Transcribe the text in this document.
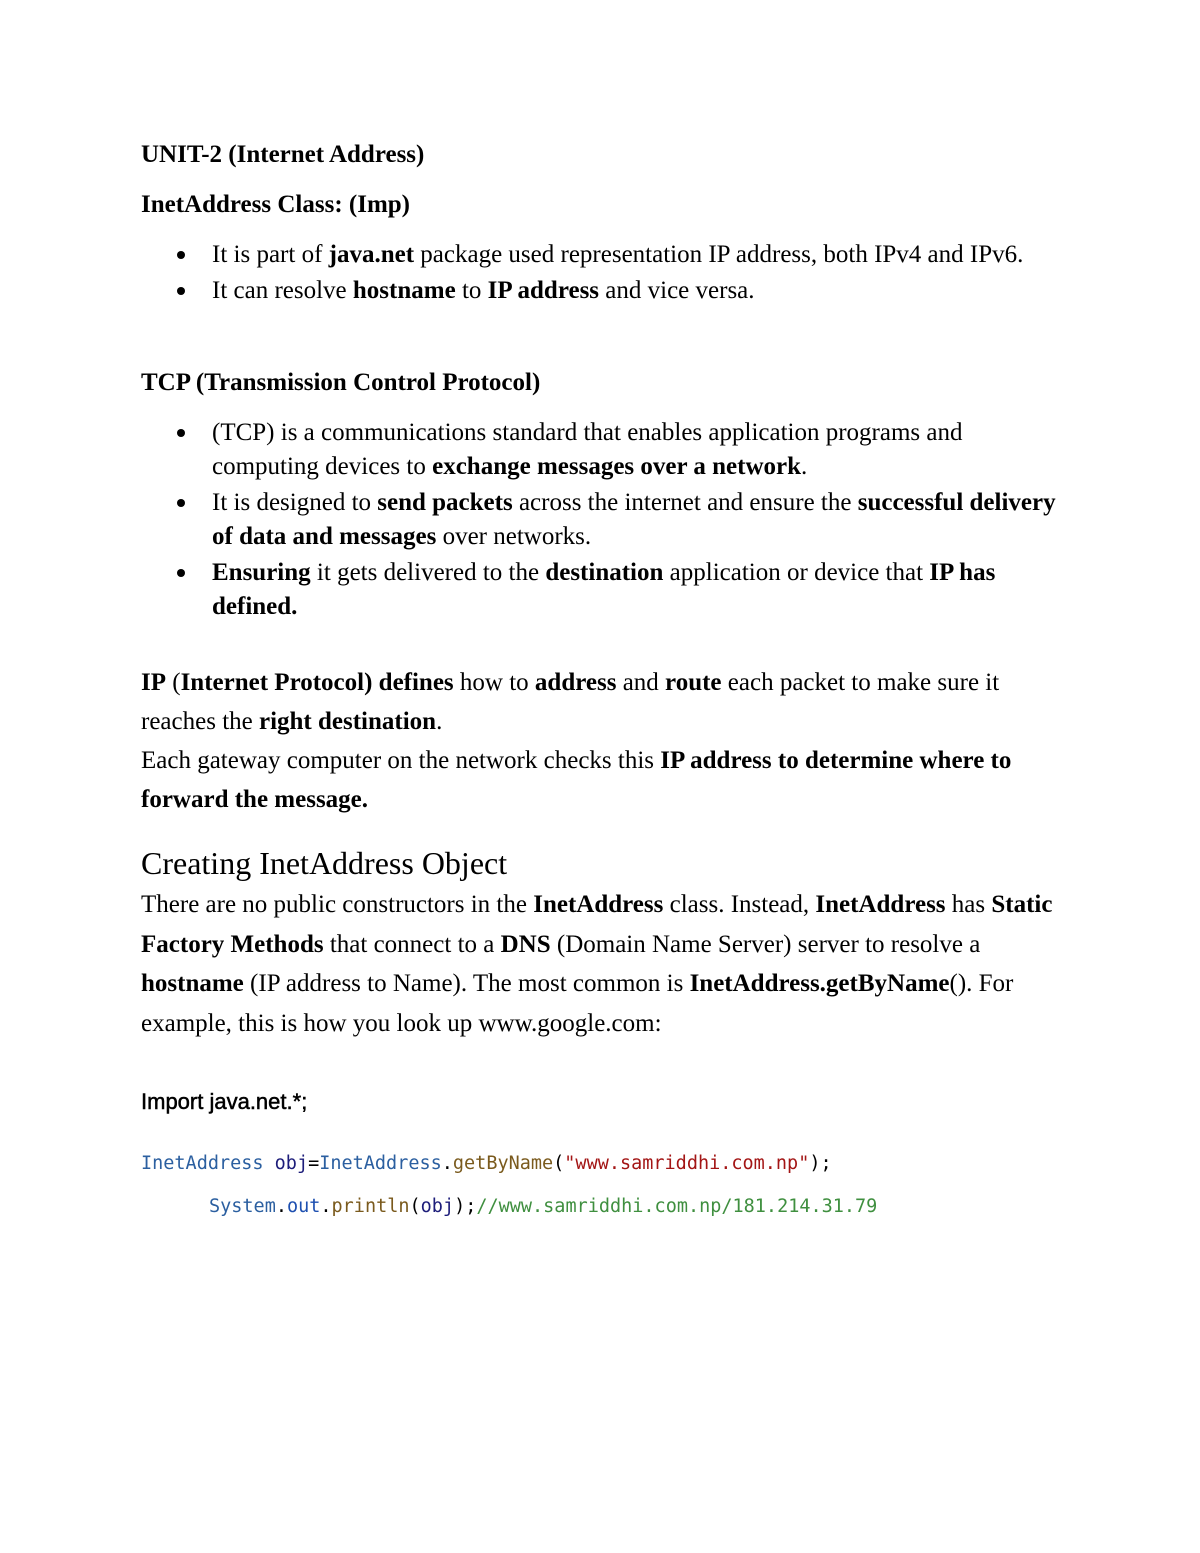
UNIT-2 (Internet Address)

InetAddress Class: (Imp)

It is part of java.net package used representation IP address, both IPv4 and IPv6.
It can resolve hostname to IP address and vice versa.

TCP (Transmission Control Protocol)

(TCP) is a communications standard that enables application programs and computing devices to exchange messages over a network.
It is designed to send packets across the internet and ensure the successful delivery of data and messages over networks.
Ensuring it gets delivered to the destination application or device that IP has defined.

IP (Internet Protocol) defines how to address and route each packet to make sure it reaches the right destination.
Each gateway computer on the network checks this IP address to determine where to forward the message.

Creating InetAddress Object

There are no public constructors in the InetAddress class. Instead, InetAddress has Static Factory Methods that connect to a DNS (Domain Name Server) server to resolve a hostname (IP address to Name). The most common is InetAddress.getByName(). For example, this is how you look up www.google.com:

Import java.net.*;

InetAddress obj=InetAddress.getByName("www.samriddhi.com.np");

System.out.println(obj);//www.samriddhi.com.np/181.214.31.79
